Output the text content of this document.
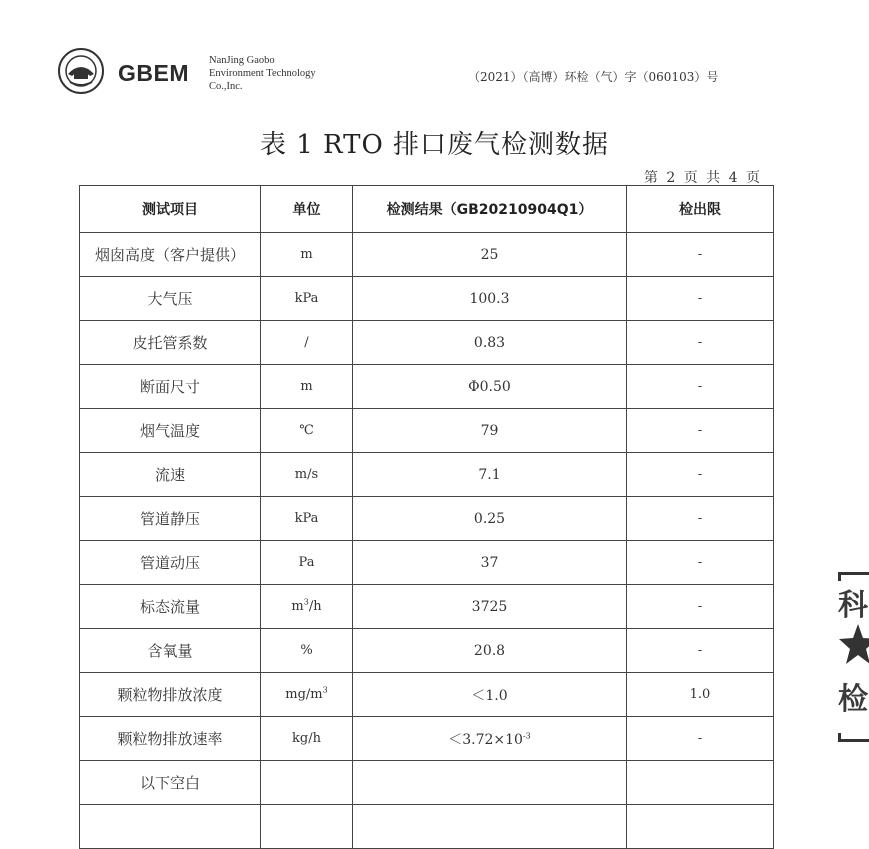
GBEM NanJing Gaobo
Environment Technology
Co.,Inc.
（2021）（高博）环检（气）字（060103）号
表 1 RTO 排口废气检测数据
第 2 页 共 4 页
测试项目	单位	检测结果（GB20210904Q1）	检出限
烟囱高度（客户提供）	m	25	-
大气压	kPa	100.3	-
皮托管系数	/	0.83	-
断面尺寸	m	Φ0.50	-
烟气温度	℃	79	-
流速	m/s	7.1	-
管道静压	kPa	0.25	-
管道动压	Pa	37	-
标态流量	$m^3/h$	3725	-
含氧量	%	20.8	-
颗粒物排放浓度	$mg/m^3$	＜1.0	1.0
颗粒物排放速率	kg/h	$<3.72\times 10^{-3}$	-
以下空白			

科
检
